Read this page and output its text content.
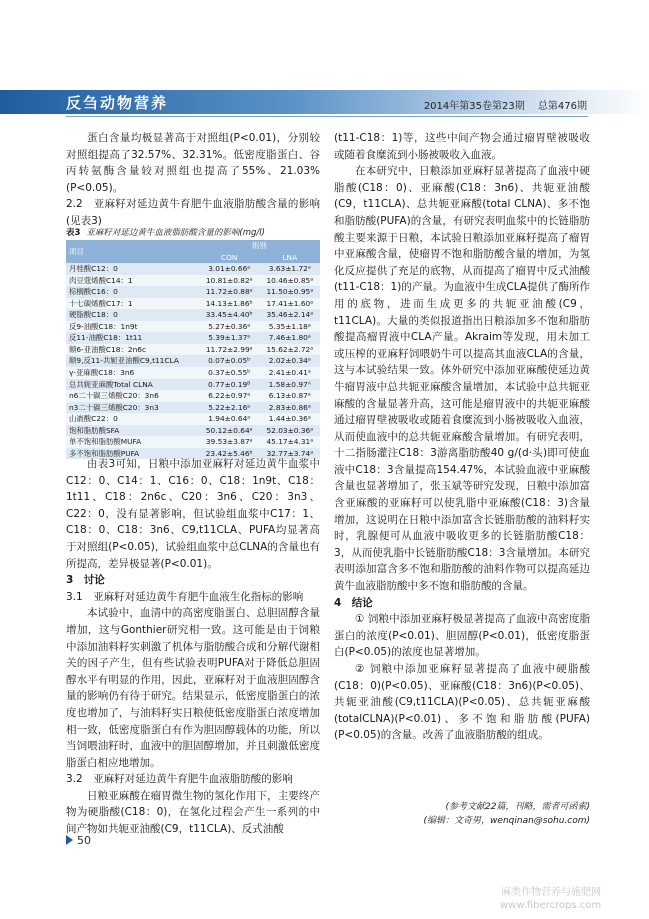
反刍动物营养	2014年第35卷第23期 总第476期

蛋白含量均极显著高于对照组(P<0.01)，分别较对照组提高了32.57%、32.31%。低密度脂蛋白、谷丙转氨酶含量较对照组也提高了55%、21.03%(P<0.05)。

2.2　亚麻籽对延边黄牛育肥牛血液脂肪酸含量的影响(见表3)
表3 亚麻籽对延边黄牛血液脂肪酸含量的影响(mg/l)
项目	组别	
	CON	LNA
月桂酸C12：0	3.01±0.66ᵃ	3.63±1.72ᵃ
肉豆蔻烯酸C14：1	10.81±0.82ᵃ	10.46±0.85ᵃ
棕榈酸C16：0	11.72±0.88ᵃ	11.50±0.95ᵃ
十七碳烯酸C17：1	14.13±1.86ᵇ	17.41±1.60ᵃ
硬脂酸C18：0	33.45±4.40ᵇ	35.46±2.14ᵃ
反9-油酸C18：1n9t	5.27±0.36ᵃ	5.35±1.18ᵃ
反11-油酸C18：1t11	5.39±1.37ᵃ	7.46±1.80ᵃ
顺6-亚油酸C18：2n6c	11.72±2.99ᵃ	15.62±2.72ᵃ
顺9,反11-共轭亚油酸C9,t11CLA	0.07±0.05ᵇ	2.02±0.34ᵃ
γ-亚麻酸C18：3n6	0.37±0.55ᵇ	2.41±0.41ᵃ
总共轭亚麻酸Total CLNA	0.77±0.19ᴮ	1.58±0.97ᴬ
n6二十碳三烯酸C20：3n6	6.22±0.97ᵃ	6.13±0.87ᵃ
n3二十碳三烯酸C20：3n3	5.22±2.16ᵃ	2.83±0.86ᵃ
山嵛酸C22：0	1.94±0.64ᵃ	1.44±0.36ᵃ
饱和脂肪酸SFA	50.12±0.64ᵃ	52.03±0.36ᵃ
单不饱和脂肪酸MUFA	39.53±3.87ᵃ	45.17±4.31ᵃ
多不饱和脂肪酸PUFA	23.42±5.46ᵇ	32.77±3.74ᵃ

由表3可知，日粮中添加亚麻籽对延边黄牛血浆中C12：0、C14：1、C16：0、C18：1n9t、C18：1t11、C18：2n6c、C20：3n6、C20：3n3、C22：0，没有显著影响，但试验组血浆中C17：1、C18：0、C18：3n6、C9,t11CLA、PUFA均显著高于对照组(P<0.05)，试验组血浆中总CLNA的含量也有所提高，差异极显著(P<0.01)。

3　讨论
3.1　亚麻籽对延边黄牛育肥牛血液生化指标的影响

本试验中，血清中的高密度脂蛋白、总胆固醇含量增加，这与Gonthier研究相一致。这可能是由于饲粮中添加油料籽实刺激了机体与脂肪酸合成和分解代谢相关的因子产生，但有些试验表明PUFA对于降低总胆固醇水平有明显的作用，因此，亚麻籽对于血液胆固醇含量的影响仍有待于研究。结果显示，低密度脂蛋白的浓度也增加了，与油料籽实日粮使低密度脂蛋白浓度增加相一致，低密度脂蛋白有作为胆固醇载体的功能，所以当饲喂油籽时，血液中的胆固醇增加，并且刺激低密度脂蛋白相应地增加。

3.2　亚麻籽对延边黄牛育肥牛血液脂肪酸的影响

日粮亚麻酸在瘤胃微生物的氢化作用下，主要终产物为硬脂酸(C18：0)，在氢化过程会产生一系列的中间产物如共轭亚油酸(C9，t11CLA)、反式油酸

(t11-C18：1)等，这些中间产物会通过瘤胃壁被吸收或随着食糜流到小肠被吸收入血液。

在本研究中，日粮添加亚麻籽显著提高了血液中硬脂酸(C18：0)、亚麻酸(C18：3n6)、共轭亚油酸(C9，t11CLA)、总共轭亚麻酸(total CLNA)、多不饱和脂肪酸(PUFA)的含量，有研究表明血浆中的长链脂肪酸主要来源于日粮，本试验日粮添加亚麻籽提高了瘤胃中亚麻酸含量，使瘤胃不饱和脂肪酸含量的增加，为氢化反应提供了充足的底物，从而提高了瘤胃中反式油酸(t11-C18：1)的产量。为血液中生成CLA提供了酶所作用的底物，进而生成更多的共轭亚油酸(C9，t11CLA)。大量的类似报道指出日粮添加多不饱和脂肪酸提高瘤胃液中CLA产量。Akraim等发现，用未加工或压榨的亚麻籽饲喂奶牛可以提高其血液CLA的含量，这与本试验结果一致。体外研究中添加亚麻酸使延边黄牛瘤胃液中总共轭亚麻酸含量增加，本试验中总共轭亚麻酸的含量显著升高，这可能是瘤胃液中的共轭亚麻酸通过瘤胃壁被吸收或随着食糜流到小肠被吸收入血液，从而使血液中的总共轭亚麻酸含量增加。有研究表明，十二指肠灌注C18：3游离脂肪酸40 g/(d·头)即可使血液中C18：3含量提高154.47%，本试验血液中亚麻酸含量也显著增加了，张玉斌等研究发现，日粮中添加富含亚麻酸的亚麻籽可以使乳脂中亚麻酸(C18：3)含量增加，这说明在日粮中添加富含长链脂肪酸的油料籽实时，乳腺便可从血液中吸收更多的长链脂肪酸C18：3，从而使乳脂中长链脂肪酸C18：3含量增加。本研究表明添加富含多不饱和脂肪酸的油料作物可以提高延边黄牛血液脂肪酸中多不饱和脂肪酸的含量。

4　结论

① 饲粮中添加亚麻籽极显著提高了血液中高密度脂蛋白的浓度(P<0.01)、胆固醇(P<0.01)，低密度脂蛋白(P<0.05)的浓度也显著增加。

② 饲粮中添加亚麻籽显著提高了血液中硬脂酸(C18：0)(P<0.05)、亚麻酸(C18：3n6)(P<0.05)、共轭亚油酸(C9,t11CLA)(P<0.05)、总共轭亚麻酸(totalCLNA)(P<0.01)、多不饱和脂肪酸(PUFA)(P<0.05)的含量。改善了血液脂肪酸的组成。

(参考文献22篇，刊略，需者可函索)
(编辑：文奇男，wenqinan@sohu.com)
50
麻类作物营养与施肥网
www.fibercrops.com
